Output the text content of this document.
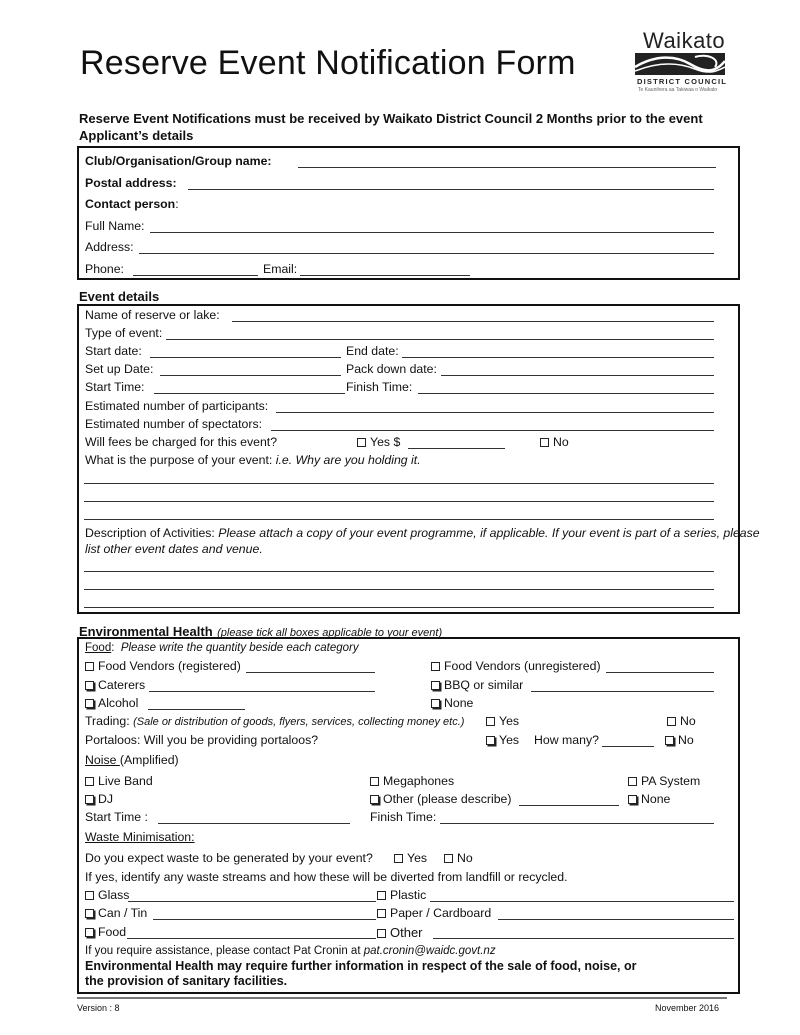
Reserve Event Notification Form
Waikato
DISTRICT COUNCIL
Te Kaunihera aa Takiwaa o Waikato
Reserve Event Notifications must be received by Waikato District Council 2 Months prior to the event
Applicant’s details
Club/Organisation/Group name:
Postal address:
Contact person:
Full Name:
Address:
Phone:	Email:
Event details
Name of reserve or lake:
Type of event:
Start date:	End date:
Set up Date:	Pack down date:
Start Time:	Finish Time:
Estimated number of participants:
Estimated number of spectators:
Will fees be charged for this event?	Yes $	No
What is the purpose of your event: i.e. Why are you holding it.
Description of Activities: Please attach a copy of your event programme, if applicable. If your event is part of a series, please
list other event dates and venue.
Environmental Health (please tick all boxes applicable to your event)
Food:  Please write the quantity beside each category
Food Vendors (registered)	Food Vendors (unregistered)
Caterers	BBQ or similar
Alcohol	None
Trading: (Sale or distribution of goods, flyers, services, collecting money etc.)	Yes	No
Portaloos: Will you be providing portaloos?	Yes How many?	No
Noise (Amplified)
Live Band	Megaphones	PA System
DJ	Other (please describe)	None
Start Time :	Finish Time:
Waste Minimisation:
Do you expect waste to be generated by your event?	Yes	No
If yes, identify any waste streams and how these will be diverted from landfill or recycled.
Glass	Plastic
Can / Tin	Paper / Cardboard
Food	Other
If you require assistance, please contact Pat Cronin at pat.cronin@waidc.govt.nz
Environmental Health may require further information in respect of the sale of food, noise, or
the provision of sanitary facilities.
Version : 8	November 2016
